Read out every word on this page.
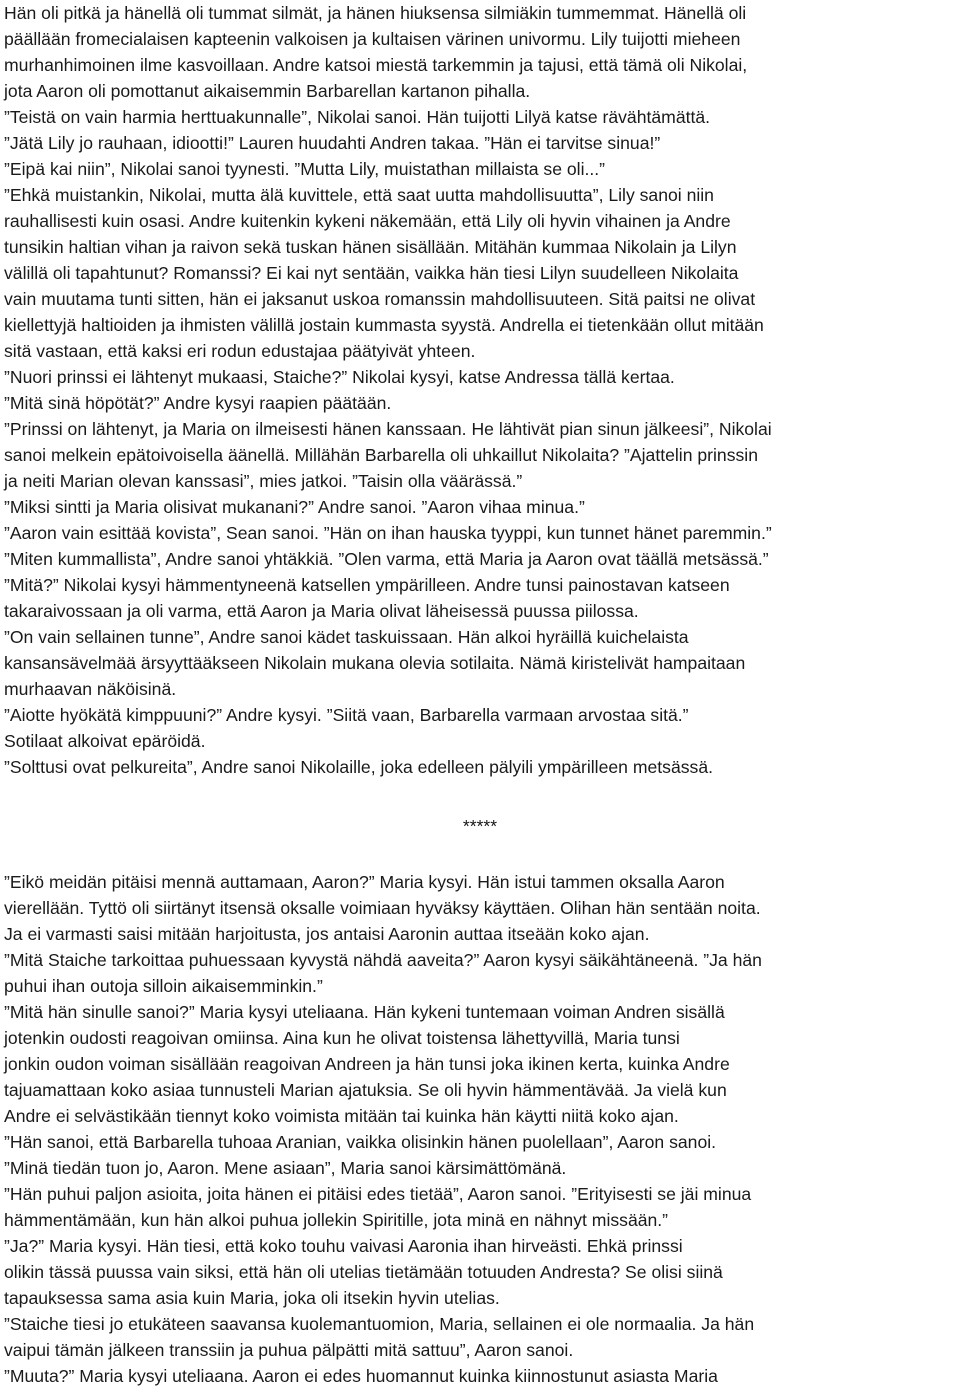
Hän oli pitkä ja hänellä oli tummat silmät, ja hänen hiuksensa silmiäkin tummemmat. Hänellä oli
päällään fromecialaisen kapteenin valkoisen ja kultaisen värinen univormu. Lily tuijotti mieheen
murhanhimoinen ilme kasvoillaan. Andre katsoi miestä tarkemmin ja tajusi, että tämä oli Nikolai,
jota Aaron oli pomottanut aikaisemmin Barbarellan kartanon pihalla.
”Teistä on vain harmia herttuakunnalle”, Nikolai sanoi. Hän tuijotti Lilyä katse rävähtämättä.
”Jätä Lily jo rauhaan, idiootti!” Lauren huudahti Andren takaa. ”Hän ei tarvitse sinua!”
”Eipä kai niin”, Nikolai sanoi tyynesti. ”Mutta Lily, muistathan millaista se oli...”
”Ehkä muistankin, Nikolai, mutta älä kuvittele, että saat uutta mahdollisuutta”, Lily sanoi niin
rauhallisesti kuin osasi. Andre kuitenkin kykeni näkemään, että Lily oli hyvin vihainen ja Andre
tunsikin haltian vihan ja raivon sekä tuskan hänen sisällään. Mitähän kummaa Nikolain ja Lilyn
välillä oli tapahtunut? Romanssi? Ei kai nyt sentään, vaikka hän tiesi Lilyn suudelleen Nikolaita
vain muutama tunti sitten, hän ei jaksanut uskoa romanssin mahdollisuuteen. Sitä paitsi ne olivat
kiellettyjä haltioiden ja ihmisten välillä jostain kummasta syystä. Andrella ei tietenkään ollut mitään
sitä vastaan, että kaksi eri rodun edustajaa päätyivät yhteen.
”Nuori prinssi ei lähtenyt mukaasi, Staiche?” Nikolai kysyi, katse Andressa tällä kertaa.
”Mitä sinä höpötät?” Andre kysyi raapien päätään.
”Prinssi on lähtenyt, ja Maria on ilmeisesti hänen kanssaan. He lähtivät pian sinun jälkeesi”, Nikolai
sanoi melkein epätoivoisella äänellä. Millähän Barbarella oli uhkaillut Nikolaita? ”Ajattelin prinssin
ja neiti Marian olevan kanssasi”, mies jatkoi. ”Taisin olla väärässä.”
”Miksi sintti ja Maria olisivat mukanani?” Andre sanoi. ”Aaron vihaa minua.”
”Aaron vain esittää kovista”, Sean sanoi. ”Hän on ihan hauska tyyppi, kun tunnet hänet paremmin.”
”Miten kummallista”, Andre sanoi yhtäkkiä. ”Olen varma, että Maria ja Aaron ovat täällä metsässä.”
”Mitä?” Nikolai kysyi hämmentyneenä katsellen ympärilleen. Andre tunsi painostavan katseen
takaraivossaan ja oli varma, että Aaron ja Maria olivat läheisessä puussa piilossa.
”On vain sellainen tunne”, Andre sanoi kädet taskuissaan. Hän alkoi hyräillä kuichelaista
kansansävelmää ärsyyttääkseen Nikolain mukana olevia sotilaita. Nämä kiristelivät hampaitaan
murhaavan näköisinä.
”Aiotte hyökätä kimppuuni?” Andre kysyi. ”Siitä vaan, Barbarella varmaan arvostaa sitä.”
Sotilaat alkoivat epäröidä.
”Solttusi ovat pelkureita”, Andre sanoi Nikolaille, joka edelleen pälyili ympärilleen metsässä.
*****
”Eikö meidän pitäisi mennä auttamaan, Aaron?” Maria kysyi. Hän istui tammen oksalla Aaron
vierellään. Tyttö oli siirtänyt itsensä oksalle voimiaan hyväksy käyttäen. Olihan hän sentään noita.
Ja ei varmasti saisi mitään harjoitusta, jos antaisi Aaronin auttaa itseään koko ajan.
”Mitä Staiche tarkoittaa puhuessaan kyvystä nähdä aaveita?” Aaron kysyi säikähtäneenä. ”Ja hän
puhui ihan outoja silloin aikaisemminkin.”
”Mitä hän sinulle sanoi?” Maria kysyi uteliaana. Hän kykeni tuntemaan voiman Andren sisällä
jotenkin oudosti reagoivan omiinsa. Aina kun he olivat toistensa lähettyvillä, Maria tunsi
jonkin oudon voiman sisällään reagoivan Andreen ja hän tunsi joka ikinen kerta, kuinka Andre
tajuamattaan koko asiaa tunnusteli Marian ajatuksia. Se oli hyvin hämmentävää. Ja vielä kun
Andre ei selvästikään tiennyt koko voimista mitään tai kuinka hän käytti niitä koko ajan.
”Hän sanoi, että Barbarella tuhoaa Aranian, vaikka olisinkin hänen puolellaan”, Aaron sanoi.
”Minä tiedän tuon jo, Aaron. Mene asiaan”, Maria sanoi kärsimättömänä.
”Hän puhui paljon asioita, joita hänen ei pitäisi edes tietää”, Aaron sanoi. ”Erityisesti se jäi minua
hämmentämään, kun hän alkoi puhua jollekin Spiritille, jota minä en nähnyt missään.”
”Ja?” Maria kysyi. Hän tiesi, että koko touhu vaivasi Aaronia ihan hirveästi. Ehkä prinssi
olikin tässä puussa vain siksi, että hän oli utelias tietämään totuuden Andresta? Se olisi siinä
tapauksessa sama asia kuin Maria, joka oli itsekin hyvin utelias.
”Staiche tiesi jo etukäteen saavansa kuolemantuomion, Maria, sellainen ei ole normaalia. Ja hän
vaipui tämän jälkeen transsiin ja puhua pälpätti mitä sattuu”, Aaron sanoi.
”Muuta?” Maria kysyi uteliaana. Aaron ei edes huomannut kuinka kiinnostunut asiasta Maria
